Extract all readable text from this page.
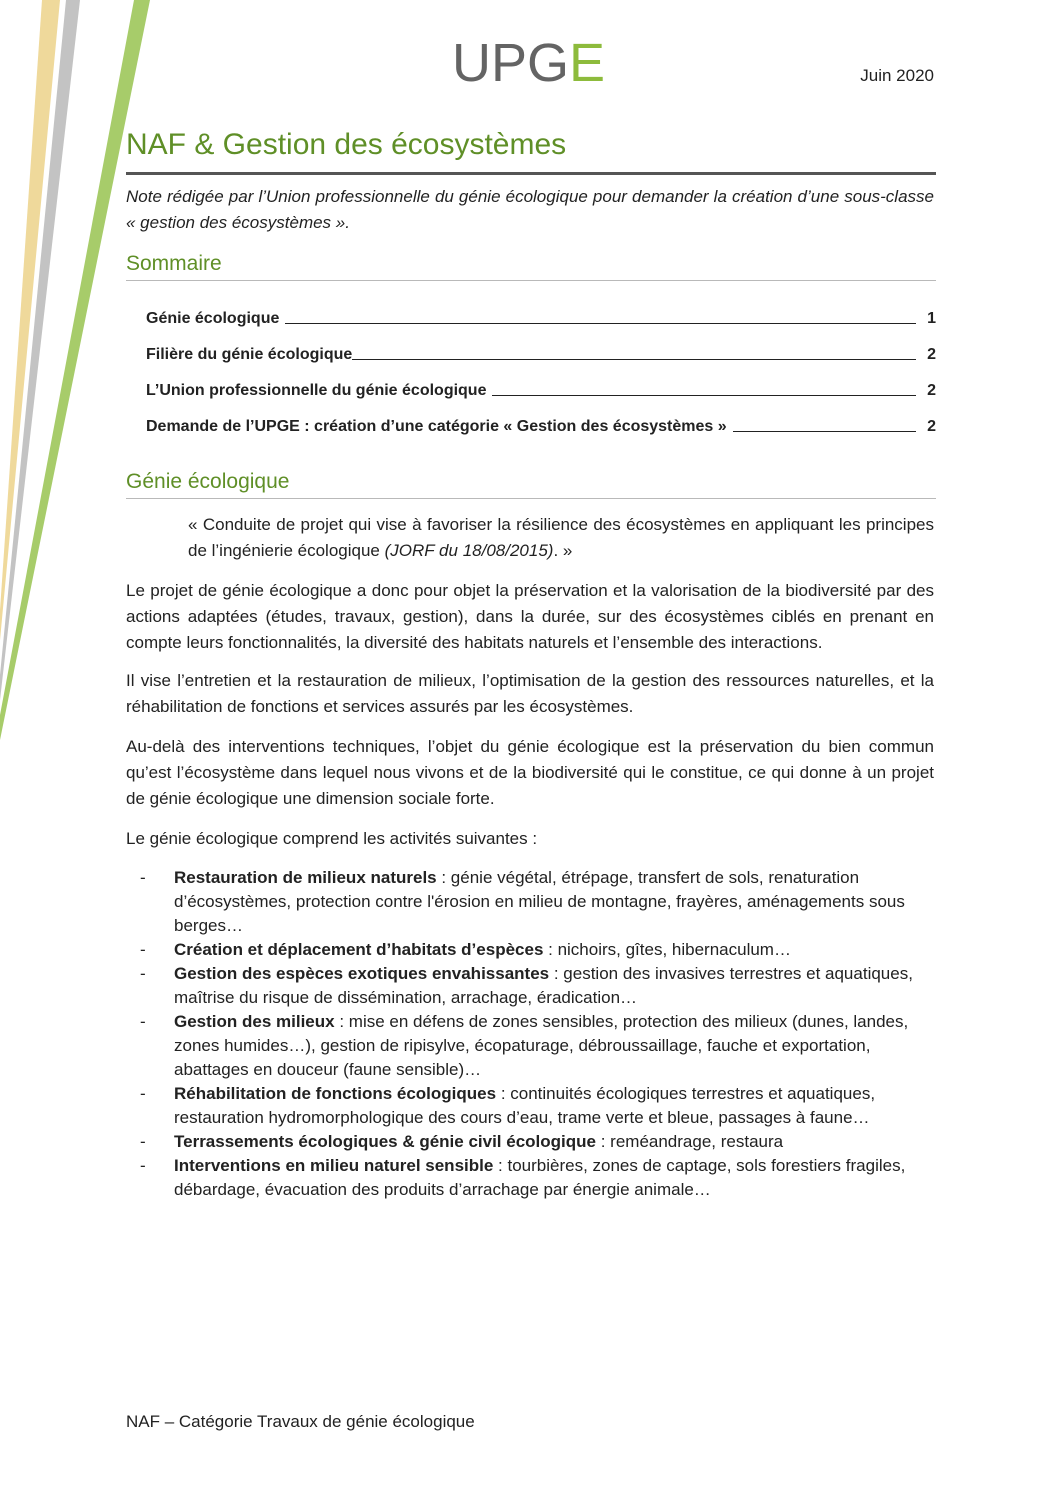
UPGE	Juin 2020
NAF & Gestion des écosystèmes
Note rédigée par l’Union professionnelle du génie écologique pour demander la création d’une sous-classe « gestion des écosystèmes ».
Sommaire
Génie écologique	1
Filière du génie écologique	2
L’Union professionnelle du génie écologique	2
Demande de l’UPGE : création d’une catégorie « Gestion des écosystèmes »	2
Génie écologique
« Conduite de projet qui vise à favoriser la résilience des écosystèmes en appliquant les principes de l’ingénierie écologique (JORF du 18/08/2015). »
Le projet de génie écologique a donc pour objet la préservation et la valorisation de la biodiversité par des actions adaptées (études, travaux, gestion), dans la durée, sur des écosystèmes ciblés en prenant en compte leurs fonctionnalités, la diversité des habitats naturels et l’ensemble des interactions.
Il vise l’entretien et la restauration de milieux, l’optimisation de la gestion des ressources naturelles, et la réhabilitation de fonctions et services assurés par les écosystèmes.
Au-delà des interventions techniques, l’objet du génie écologique est la préservation du bien commun qu’est l’écosystème dans lequel nous vivons et de la biodiversité qui le constitue, ce qui donne à un projet de génie écologique une dimension sociale forte.
Le génie écologique comprend les activités suivantes :
-	Restauration de milieux naturels : génie végétal, étrépage, transfert de sols, renaturation d’écosystèmes, protection contre l'érosion en milieu de montagne, frayères, aménagements sous berges…
-	Création et déplacement d’habitats d’espèces : nichoirs, gîtes, hibernaculum…
-	Gestion des espèces exotiques envahissantes : gestion des invasives terrestres et aquatiques, maîtrise du risque de dissémination, arrachage, éradication…
-	Gestion des milieux : mise en défens de zones sensibles, protection des milieux (dunes, landes, zones humides…), gestion de ripisylve, écopaturage, débroussaillage, fauche et exportation, abattages en douceur (faune sensible)…
-	Réhabilitation de fonctions écologiques : continuités écologiques terrestres et aquatiques, restauration hydromorphologique des cours d’eau, trame verte et bleue, passages à faune…
-	Terrassements écologiques & génie civil écologique : reméandrage, restaura
-	Interventions en milieu naturel sensible : tourbières, zones de captage, sols forestiers fragiles, débardage, évacuation des produits d’arrachage par énergie animale…
NAF – Catégorie Travaux de génie écologique
